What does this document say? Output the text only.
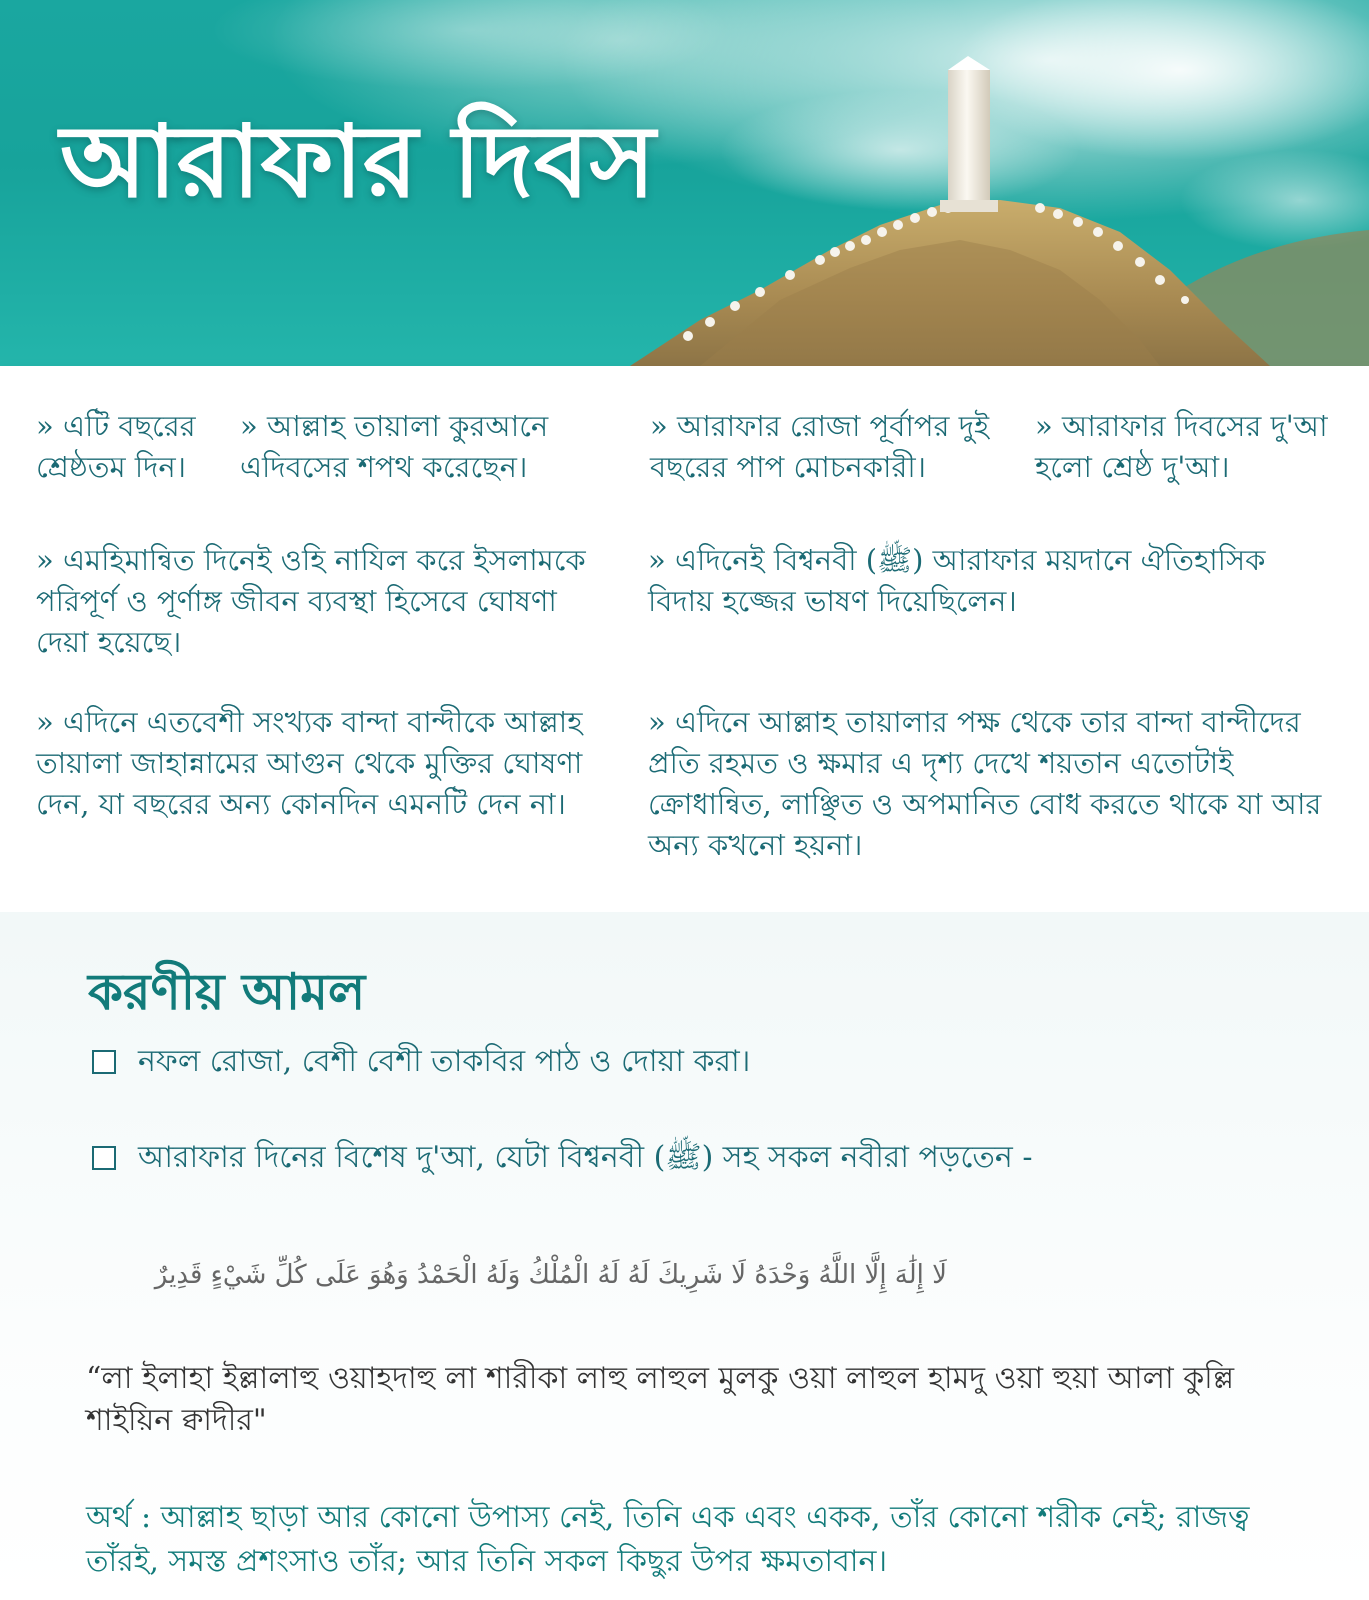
আরাফার দিবস

» এটি বছরের শ্রেষ্ঠতম দিন।

» আল্লাহ তায়ালা কুরআনে এদিবসের শপথ করেছেন।

» আরাফার রোজা পূর্বাপর দুই বছরের পাপ মোচনকারী।

» আরাফার দিবসের দু'আ হলো শ্রেষ্ঠ দু'আ।

» এমহিমান্বিত দিনেই ওহি নাযিল করে ইসলামকে পরিপূর্ণ ও পূর্ণাঙ্গ জীবন ব্যবস্থা হিসেবে ঘোষণা দেয়া হয়েছে।

» এদিনেই বিশ্বনবী (ﷺ) আরাফার ময়দানে ঐতিহাসিক বিদায় হজ্জের ভাষণ দিয়েছিলেন।

» এদিনে এতবেশী সংখ্যক বান্দা বান্দীকে আল্লাহ তায়ালা জাহান্নামের আগুন থেকে মুক্তির ঘোষণা দেন, যা বছরের অন্য কোনদিন এমনটি দেন না।

» এদিনে আল্লাহ তায়ালার পক্ষ থেকে তার বান্দা বান্দীদের প্রতি রহমত ও ক্ষমার এ দৃশ্য দেখে শয়তান এতোটাই ক্রোধান্বিত, লাঞ্ছিত ও অপমানিত বোধ করতে থাকে যা আর অন্য কখনো হয়না।

করণীয় আমল
নফল রোজা, বেশী বেশী তাকবির পাঠ ও দোয়া করা।
আরাফার দিনের বিশেষ দু'আ, যেটা বিশ্বনবী (ﷺ) সহ সকল নবীরা পড়তেন -

لَا إِلَٰهَ إِلَّا اللَّهُ وَحْدَهُ لَا شَرِيكَ لَهُ لَهُ الْمُلْكُ وَلَهُ الْحَمْدُ وَهُوَ عَلَى كُلِّ شَيْءٍ قَدِيرٌ

“লা ইলাহা ইল্লালাহু ওয়াহদাহু লা শারীকা লাহু লাহুল মুলকু ওয়া লাহুল হামদু ওয়া হুয়া আলা কুল্লি শাইয়িন ক্বাদীর"

অর্থ : আল্লাহ ছাড়া আর কোনো উপাস্য নেই, তিনি এক এবং একক, তাঁর কোনো শরীক নেই; রাজত্ব তাঁরই, সমস্ত প্রশংসাও তাঁর; আর তিনি সকল কিছুর উপর ক্ষমতাবান।
